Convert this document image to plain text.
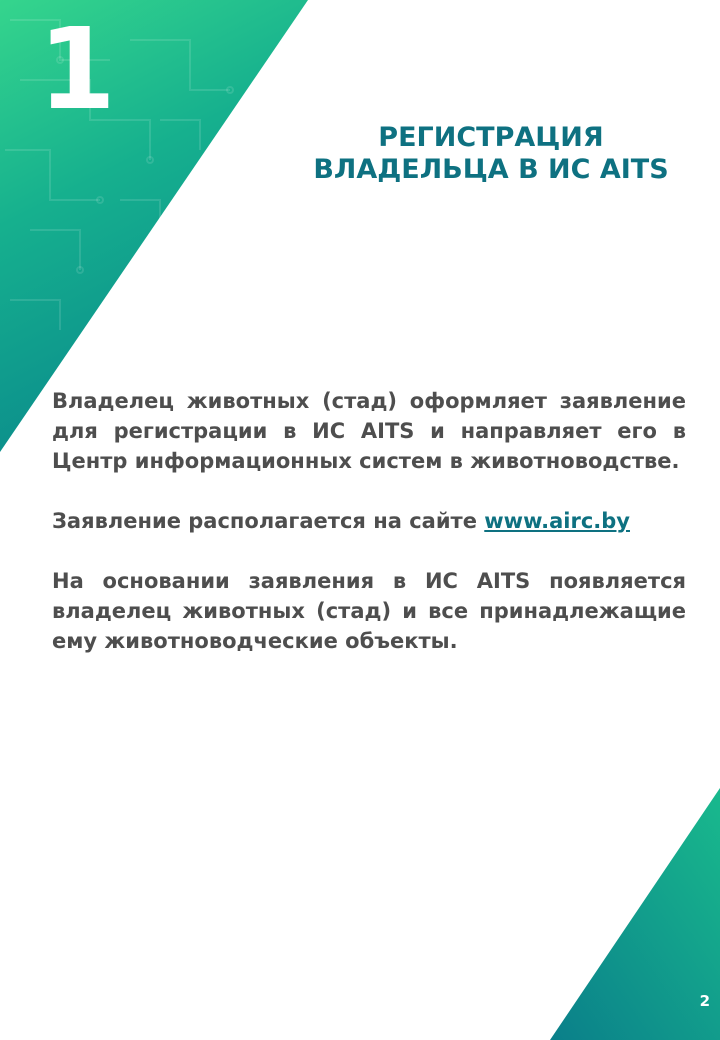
1
РЕГИСТРАЦИЯ
ВЛАДЕЛЬЦА В ИС AITS

Владелец животных (стад) оформляет заявление для регистрации в ИС AITS и направляет его в Центр информационных систем в животноводстве.

Заявление располагается на сайте www.airc.by

На основании заявления в ИС AITS появляется владелец животных (стад) и все принадлежащие ему животноводческие объекты.

2
